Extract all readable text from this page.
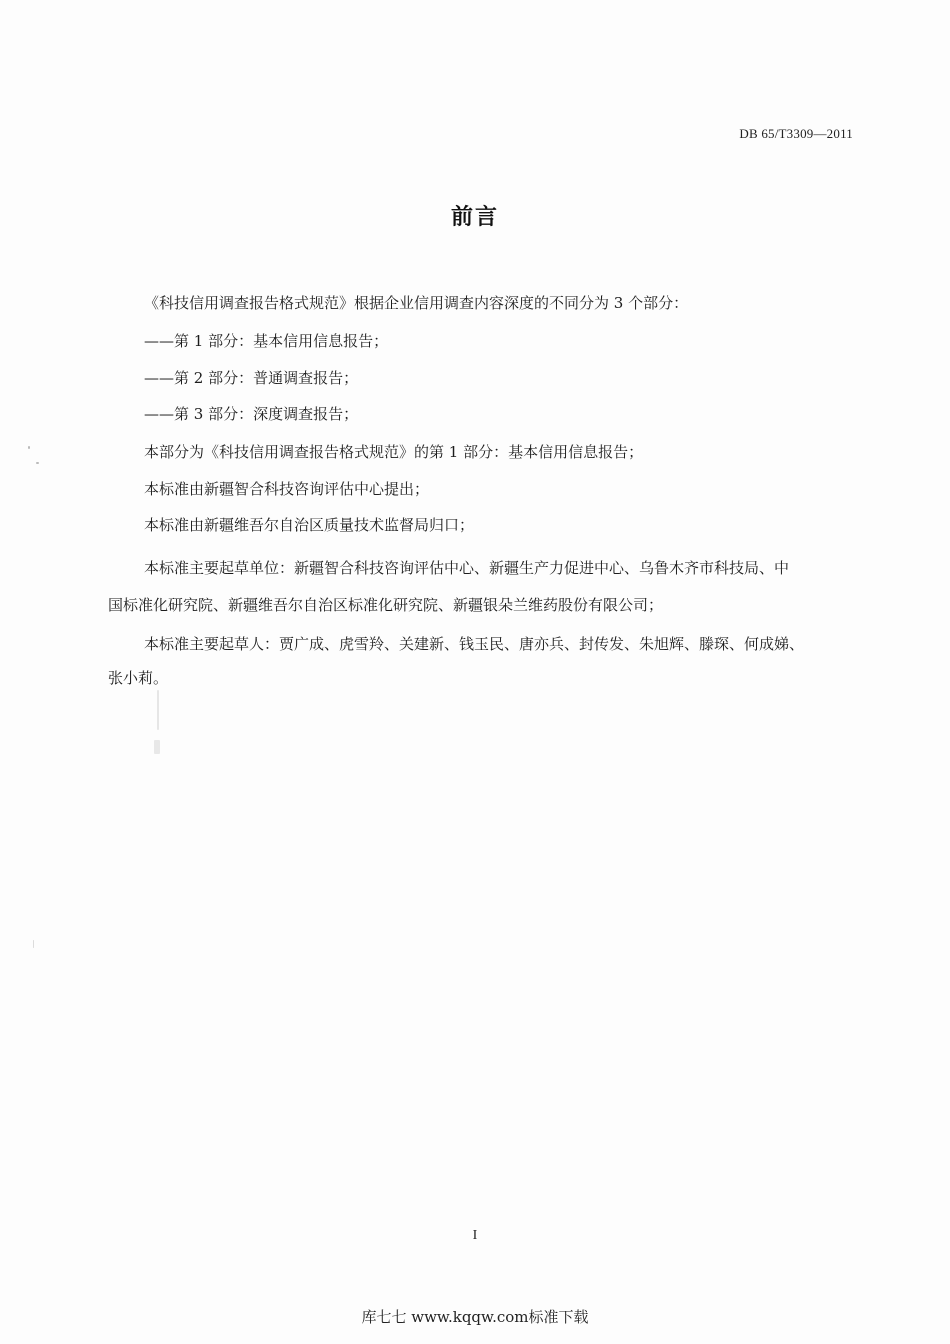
DB 65/T3309—2011
前言
《科技信用调查报告格式规范》根据企业信用调查内容深度的不同分为 3 个部分：
——第 1 部分：基本信用信息报告；
——第 2 部分：普通调查报告；
——第 3 部分：深度调查报告；
本部分为《科技信用调查报告格式规范》的第 1 部分：基本信用信息报告；
本标准由新疆智合科技咨询评估中心提出；
本标准由新疆维吾尔自治区质量技术监督局归口；
本标准主要起草单位：新疆智合科技咨询评估中心、新疆生产力促进中心、乌鲁木齐市科技局、中
国标准化研究院、新疆维吾尔自治区标准化研究院、新疆银朵兰维药股份有限公司；
本标准主要起草人：贾广成、虎雪羚、关建新、钱玉民、唐亦兵、封传发、朱旭辉、滕琛、何成娣、
张小莉。
I
库七七 www.kqqw.com标准下载
